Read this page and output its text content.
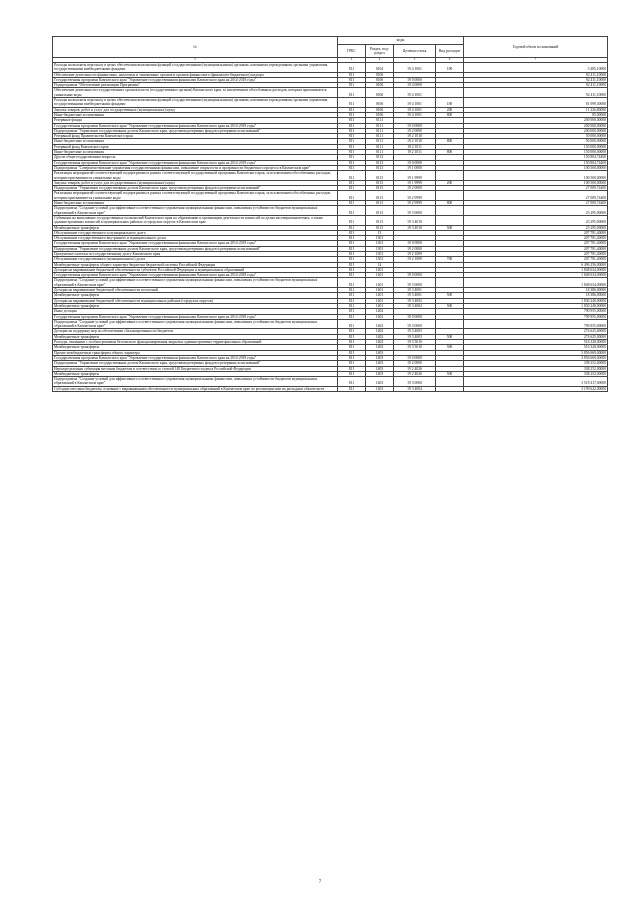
№	коды				Годовой объем ассигнований
	ГРБС	Раздел, под-раздел	Целевая статья	Вид расходов	
2	3	4	5	6	7
Расходы на выплаты персоналу в целях обеспечения выполнения функций государственными (муниципальными) органами, казенными учреждениями, органами управления государственными внебюджетными фондами	811	0104	19 4 1001	100	3 485,10000
Обеспечение деятельности финансовых, налоговых и таможенных органов и органов финансового (финансово-бюджетного) надзора	811	0106			92 411,10000
Государственная программа Камчатского края "Управление государственными финансами Камчатского края на 2014-2018 годы"	811	0106	19 0 0000		92 411,10000
Подпрограмма "Обеспечение реализации Программы"	811	0106	19 4 0000		92 411,10000
Обеспечение деятельности государственных органов власти (государственных органов) Камчатского края, за исключением обособленных расходов, которым присваиваются уникальные коды	811	0106	19 4 1001		92 411,10000
Расходы на выплаты персоналу в целях обеспечения выполнения функций государственными (муниципальными) органами, казенными учреждениями, органами управления государственными внебюджетными фондами	811	0106	19 4 1001	100	81 099,30000
Закупка товаров, работ и услуг для государственных (муниципальных) нужд	811	0106	19 4 1001	200	11 226,80000
Иные бюджетные ассигнования	811	0106	19 4 1001	800	85,00000
Резервные фонды	811	0111			200 000,00000
Государственная программа Камчатского края "Управление государственными финансами Камчатского края на 2014-2018 годы"	811	0111	19 0 0000		200 000,00000
Подпрограмма "Управление государственным долгом Камчатского края, средствами резервных фондов и резервами ассигнований"	811	0111	19 2 0000		200 000,00000
Резервный фонд Правительства Камчатского края	811	0111	19 2 1010		50 000,00000
Иные бюджетные ассигнования	811	0111	19 2 1010	800	50 000,00000
Резервный фонд Камчатского края	811	0111	19 2 1011		150 000,00000
Иные бюджетные ассигнования	811	0111	19 2 1011	800	150 000,00000
Другие общегосударственные вопросы	811	0113			150 804,74400
Государственная программа Камчатского края "Управление государственными финансами Камчатского края на 2014-2018 годы"	811	0113	19 0 0000		150 804,74400
Подпрограмма "Совершенствование управления государственными финансами, повышение открытости и прозрачности бюджетного процесса в Камчатском крае"	811	0113	19 1 0000		100 500,00000
Реализация мероприятий соответствующей подпрограммы в рамках соответствующей государственной программы Камчатского края, за исключением обособленных расходов, которым присваиваются уникальные коды	811	0113	19 1 9999		100 500,00000
Закупка товаров, работ и услуг для государственных (муниципальных) нужд	811	0113	19 1 9999	200	100 500,00000
Подпрограмма "Управление государственным долгом Камчатского края, средствами резервных фондов и резервами ассигнований"	811	0113	19 2 0000		27 009,74400
Реализация мероприятий соответствующей подпрограммы в рамках соответствующей государственной программы Камчатского края, за исключением обособленных расходов, которым присваиваются уникальные коды	811	0113	19 2 9999		27 009,74400
Иные бюджетные ассигнования	811	0113	19 2 9999	800	27 009,74400
Подпрограмма "Создание условий для эффективного и ответственного управления муниципальными финансами, повышения устойчивости бюджетов муниципальных образований в Камчатском крае"	811	0113	19 3 0000		23 295,00000
Субвенции на выполнение государственных полномочий Камчатского края по образованию и организации деятельности комиссий по делам несовершеннолетних, а также административных комиссий в муниципальных районах и городских округах в Камчатском крае	811	0113	19 3 4010		23 295,00000
Межбюджетные трансферты	811	0113	19 3 4010	500	23 295,00000
Обслуживание государственного и муниципального долга	811	13			207 781,40000
Обслуживание государственного внутреннего и муниципального долга	811	1301			207 781,40000
Государственная программа Камчатского края "Управление государственными финансами Камчатского края на 2014-2018 годы"	811	1301	19 0 0000		207 781,40000
Подпрограмма "Управление государственным долгом Камчатского края, средствами резервных фондов и резервами ассигнований"	811	1301	19 2 0000		207 781,40000
Процентные платежи по государственному долгу Камчатского края	811	1301	19 2 1009		207 781,40000
Обслуживание государственного (муниципального) долга	811	1301	19 2 1009	700	207 781,40000
Межбюджетные трансферты общего характера бюджетам бюджетной системы Российской Федерации	811	14			6 496 256,00000
Дотации на выравнивание бюджетной обеспеченности субъектов Российской Федерации и муниципальных образований	811	1401			1 848 634,00000
Государственная программа Камчатского края "Управление государственными финансами Камчатского края на 2014-2018 годы"	811	1401	19 0 0000		1 848 634,00000
Подпрограмма "Создание условий для эффективного и ответственного управления муниципальными финансами, повышения устойчивости бюджетов муниципальных образований в Камчатском крае"	811	1401	19 3 0000		1 848 634,00000
Дотации на выравнивание бюджетной обеспеченности поселений	811	1401	19 3 4001		18 386,00000
Межбюджетные трансферты	811	1401	19 3 4001	500	18 386,00000
Дотации на выравнивание бюджетной обеспеченности муниципальных районов (городских округов)	811	1401	19 3 4002		1 830 248,00000
Межбюджетные трансферты	811	1401	19 3 4002	500	1 830 248,00000
Иные дотации	811	1402			790 955,00000
Государственная программа Камчатского края "Управление государственными финансами Камчатского края на 2014-2018 годы"	811	1402	19 0 0000		790 955,00000
Подпрограмма "Создание условий для эффективного и ответственного управления муниципальными финансами, повышения устойчивости бюджетов муниципальных образований в Камчатском крае"	811	1402	19 3 0000		790 955,00000
Дотации на поддержку мер по обеспечению сбалансированности бюджетов	811	1402	19 3 4003		274 625,00000
Межбюджетные трансферты	811	1402	19 3 4003	500	274 625,00000
Расходы, связанные с особым режимом безопасного функционирования закрытых административно-территориальных образований	811	1402	19 3 5010		516 328,00000
Межбюджетные трансферты	811	1402	19 3 5010	500	516 328,00000
Прочие межбюджетные трансферты общего характера	811	1403			3 856 669,00000
Государственная программа Камчатского края "Управление государственными финансами Камчатского края на 2014-2018 годы"	811	1403	19 0 0000		3 856 669,00000
Подпрограмма "Управление государственным долгом Камчатского края, средствами резервных фондов и резервами ассигнований"	811	1403	19 2 0000		338 252,00000
Нераспределенная субвенция местным бюджетам в соответствии со статьей 140 Бюджетного кодекса Российской Федерации	811	1403	19 2 4026		338 252,00000
Межбюджетные трансферты	811	1403	19 2 4026	500	338 252,00000
Подпрограмма "Создание условий для эффективного и ответственного управления муниципальными финансами, повышения устойчивости бюджетов муниципальных образований в Камчатском крае"	811	1403	19 3 0000		3 518 417,00000
Субсидии местным бюджетам, основные с выравниванием обеспеченности муниципальных образований в Камчатском крае по реализации ими их расходных обязательств	811	1403	19 3 4004		3 199 622,00000
7
